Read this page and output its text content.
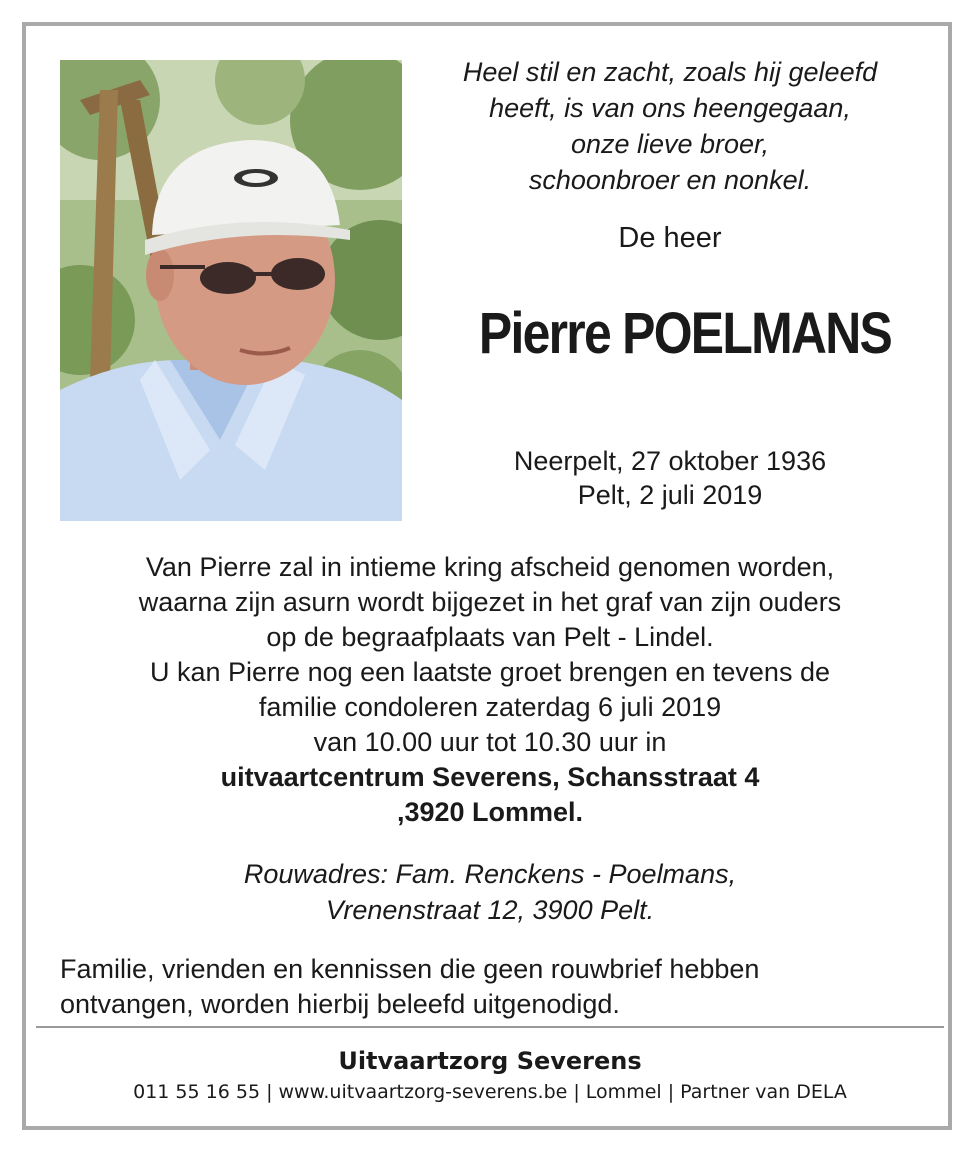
Heel stil en zacht, zoals hij geleefd
heeft, is van ons heengegaan,
onze lieve broer,
schoonbroer en nonkel.
De heer
Pierre POELMANS
Neerpelt, 27 oktober 1936
Pelt, 2 juli 2019
Van Pierre zal in intieme kring afscheid genomen worden,
waarna zijn asurn wordt bijgezet in het graf van zijn ouders
op de begraafplaats van Pelt - Lindel.
U kan Pierre nog een laatste groet brengen en tevens de
familie condoleren zaterdag 6 juli 2019
van 10.00 uur tot 10.30 uur in
uitvaartcentrum Severens, Schansstraat 4
,3920 Lommel.
Rouwadres: Fam. Renckens - Poelmans,
Vrenenstraat 12, 3900 Pelt.
Familie, vrienden en kennissen die geen rouwbrief hebben
ontvangen, worden hierbij beleefd uitgenodigd.
Uitvaartzorg Severens
011 55 16 55 | www.uitvaartzorg-severens.be | Lommel | Partner van DELA
